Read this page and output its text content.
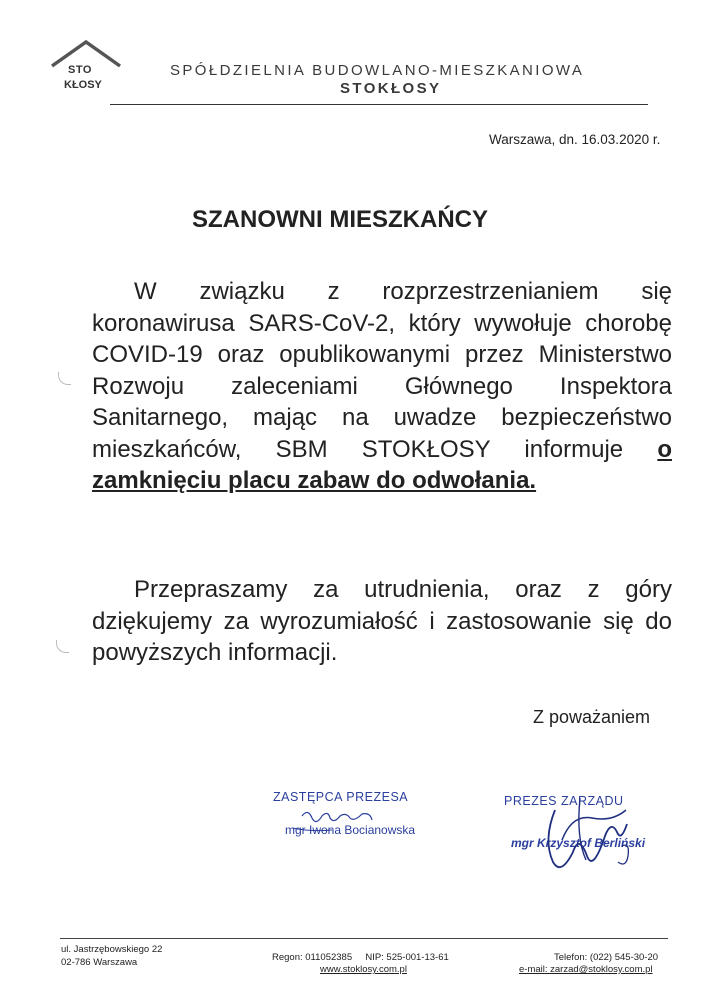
STO
KŁOSY
SPÓŁDZIELNIA BUDOWLANO-MIESZKANIOWA
STOKŁOSY
Warszawa, dn. 16.03.2020 r.
SZANOWNI MIESZKAŃCY
W związku z rozprzestrzenianiem się koronawirusa SARS-CoV-2, który wywołuje chorobę COVID-19 oraz opublikowanymi przez Ministerstwo Rozwoju zaleceniami Głównego Inspektora Sanitarnego, mając na uwadze bezpieczeństwo mieszkańców, SBM STOKŁOSY informuje o zamknięciu placu zabaw do odwołania.
Przepraszamy za utrudnienia, oraz z góry dziękujemy za wyrozumiałość i zastosowanie się do powyższych informacji.
Z poważaniem
ZASTĘPCA PREZESA
mgr Iwona Bocianowska
PREZES ZARZĄDU
mgr Krzysztof Berliński
ul. Jastrzębowskiego 22
02-786 Warszawa	Regon: 011052385     NIP: 525-001-13-61
www.stoklosy.com.pl
Telefon: (022) 545-30-20
e-mail: zarzad@stoklosy.com.pl
